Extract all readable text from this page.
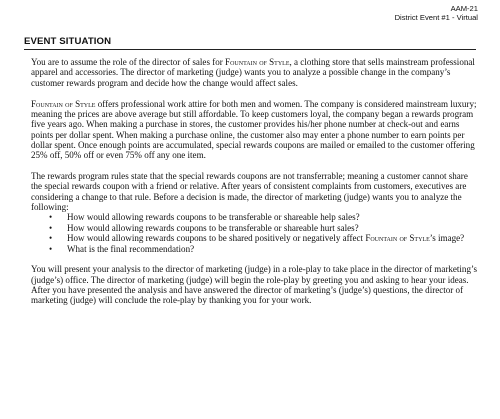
AAM-21
District Event #1 - Virtual
EVENT SITUATION

You are to assume the role of the director of sales for Fountain of Style, a clothing store that sells mainstream professional apparel and accessories. The director of marketing (judge) wants you to analyze a possible change in the company’s customer rewards program and decide how the change would affect sales.

Fountain of Style offers professional work attire for both men and women. The company is considered mainstream luxury; meaning the prices are above average but still affordable. To keep customers loyal, the company began a rewards program five years ago. When making a purchase in stores, the customer provides his/her phone number at check-out and earns points per dollar spent. When making a purchase online, the customer also may enter a phone number to earn points per dollar spent. Once enough points are accumulated, special rewards coupons are mailed or emailed to the customer offering 25% off, 50% off or even 75% off any one item.

The rewards program rules state that the special rewards coupons are not transferrable; meaning a customer cannot share the special rewards coupon with a friend or relative. After years of consistent complaints from customers, executives are considering a change to that rule. Before a decision is made, the director of marketing (judge) wants you to analyze the following:

• How would allowing rewards coupons to be transferable or shareable help sales?
• How would allowing rewards coupons to be transferable or shareable hurt sales?
• How would allowing rewards coupons to be shared positively or negatively affect Fountain of Style’s image?
• What is the final recommendation?

You will present your analysis to the director of marketing (judge) in a role-play to take place in the director of marketing’s (judge’s) office. The director of marketing (judge) will begin the role-play by greeting you and asking to hear your ideas. After you have presented the analysis and have answered the director of marketing’s (judge’s) questions, the director of marketing (judge) will conclude the role-play by thanking you for your work.
